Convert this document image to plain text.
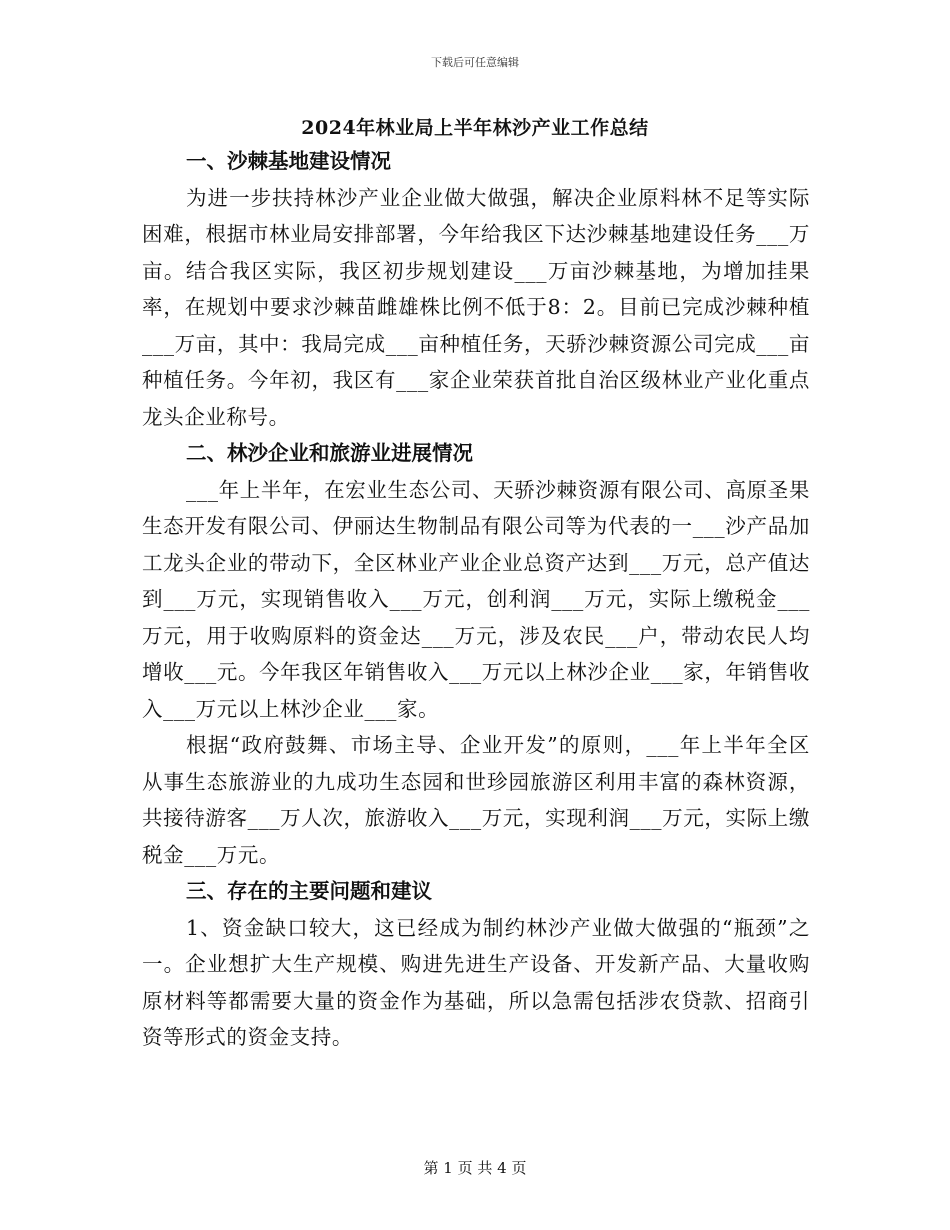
下载后可任意编辑
2024年林业局上半年林沙产业工作总结

一、沙棘基地建设情况

为进一步扶持林沙产业企业做大做强，解决企业原料林不足等实际困难，根据市林业局安排部署，今年给我区下达沙棘基地建设任务___万亩。结合我区实际，我区初步规划建设___万亩沙棘基地，为增加挂果率，在规划中要求沙棘苗雌雄株比例不低于8：2。目前已完成沙棘种植___万亩，其中：我局完成___亩种植任务，天骄沙棘资源公司完成___亩种植任务。今年初，我区有___家企业荣获首批自治区级林业产业化重点龙头企业称号。

二、林沙企业和旅游业进展情况

___年上半年，在宏业生态公司、天骄沙棘资源有限公司、高原圣果生态开发有限公司、伊丽达生物制品有限公司等为代表的一___沙产品加工龙头企业的带动下，全区林业产业企业总资产达到___万元，总产值达到___万元，实现销售收入___万元，创利润___万元，实际上缴税金___万元，用于收购原料的资金达___万元，涉及农民___户，带动农民人均增收___元。今年我区年销售收入___万元以上林沙企业___家，年销售收入___万元以上林沙企业___家。

根据“政府鼓舞、市场主导、企业开发”的原则，___年上半年全区从事生态旅游业的九成功生态园和世珍园旅游区利用丰富的森林资源，共接待游客___万人次，旅游收入___万元，实现利润___万元，实际上缴税金___万元。

三、存在的主要问题和建议

1、资金缺口较大，这已经成为制约林沙产业做大做强的“瓶颈”之一。企业想扩大生产规模、购进先进生产设备、开发新产品、大量收购原材料等都需要大量的资金作为基础，所以急需包括涉农贷款、招商引资等形式的资金支持。

第 1 页 共 4 页
